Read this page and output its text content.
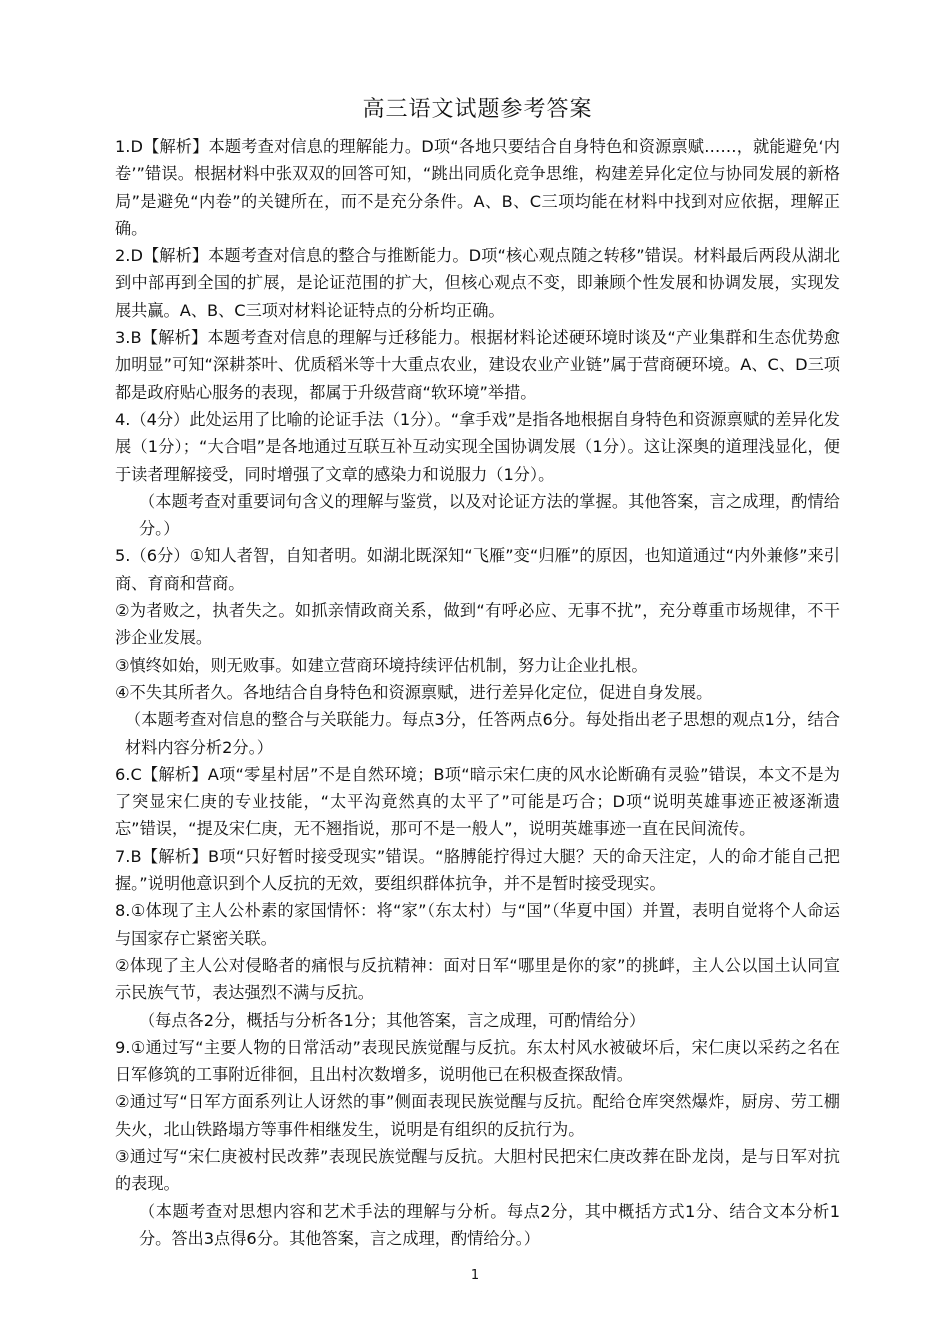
高三语文试题参考答案

1.D【解析】本题考查对信息的理解能力。D项“各地只要结合自身特色和资源禀赋……，就能避免‘内卷’”错误。根据材料中张双双的回答可知，“跳出同质化竞争思维，构建差异化定位与协同发展的新格局”是避免“内卷”的关键所在，而不是充分条件。A、B、C三项均能在材料中找到对应依据，理解正确。

2.D【解析】本题考查对信息的整合与推断能力。D项“核心观点随之转移”错误。材料最后两段从湖北到中部再到全国的扩展，是论证范围的扩大，但核心观点不变，即兼顾个性发展和协调发展，实现发展共赢。A、B、C三项对材料论证特点的分析均正确。

3.B【解析】本题考查对信息的理解与迁移能力。根据材料论述硬环境时谈及“产业集群和生态优势愈加明显”可知“深耕茶叶、优质稻米等十大重点农业，建设农业产业链”属于营商硬环境。A、C、D三项都是政府贴心服务的表现，都属于升级营商“软环境”举措。

4.（4分）此处运用了比喻的论证手法（1分）。“拿手戏”是指各地根据自身特色和资源禀赋的差异化发展（1分）；“大合唱”是各地通过互联互补互动实现全国协调发展（1分）。这让深奥的道理浅显化，便于读者理解接受，同时增强了文章的感染力和说服力（1分）。

（本题考查对重要词句含义的理解与鉴赏，以及对论证方法的掌握。其他答案，言之成理，酌情给分。）

5.（6分）①知人者智，自知者明。如湖北既深知“飞雁”变“归雁”的原因，也知道通过“内外兼修”来引商、育商和营商。

②为者败之，执者失之。如抓亲情政商关系，做到“有呼必应、无事不扰”，充分尊重市场规律，不干涉企业发展。

③慎终如始，则无败事。如建立营商环境持续评估机制，努力让企业扎根。

④不失其所者久。各地结合自身特色和资源禀赋，进行差异化定位，促进自身发展。

（本题考查对信息的整合与关联能力。每点3分，任答两点6分。每处指出老子思想的观点1分，结合材料内容分析2分。）

6.C【解析】A项“零星村居”不是自然环境；B项“暗示宋仁庚的风水论断确有灵验”错误，本文不是为了突显宋仁庚的专业技能，“太平沟竟然真的太平了”可能是巧合；D项“说明英雄事迹正被逐渐遗忘”错误，“提及宋仁庚，无不翘指说，那可不是一般人”，说明英雄事迹一直在民间流传。

7.B【解析】B项“只好暂时接受现实”错误。“胳膊能拧得过大腿？天的命天注定，人的命才能自己把握。”说明他意识到个人反抗的无效，要组织群体抗争，并不是暂时接受现实。

8.①体现了主人公朴素的家国情怀：将“家”（东太村）与“国”（华夏中国）并置，表明自觉将个人命运与国家存亡紧密关联。

②体现了主人公对侵略者的痛恨与反抗精神：面对日军“哪里是你的家”的挑衅，主人公以国土认同宣示民族气节，表达强烈不满与反抗。

（每点各2分，概括与分析各1分；其他答案，言之成理，可酌情给分）

9.①通过写“主要人物的日常活动”表现民族觉醒与反抗。东太村风水被破坏后，宋仁庚以采药之名在日军修筑的工事附近徘徊，且出村次数增多，说明他已在积极查探敌情。

②通过写“日军方面系列让人讶然的事”侧面表现民族觉醒与反抗。配给仓库突然爆炸，厨房、劳工棚失火，北山铁路塌方等事件相继发生，说明是有组织的反抗行为。

③通过写“宋仁庚被村民改葬”表现民族觉醒与反抗。大胆村民把宋仁庚改葬在卧龙岗，是与日军对抗的表现。

（本题考查对思想内容和艺术手法的理解与分析。每点2分，其中概括方式1分、结合文本分析1分。答出3点得6分。其他答案，言之成理，酌情给分。）

1
